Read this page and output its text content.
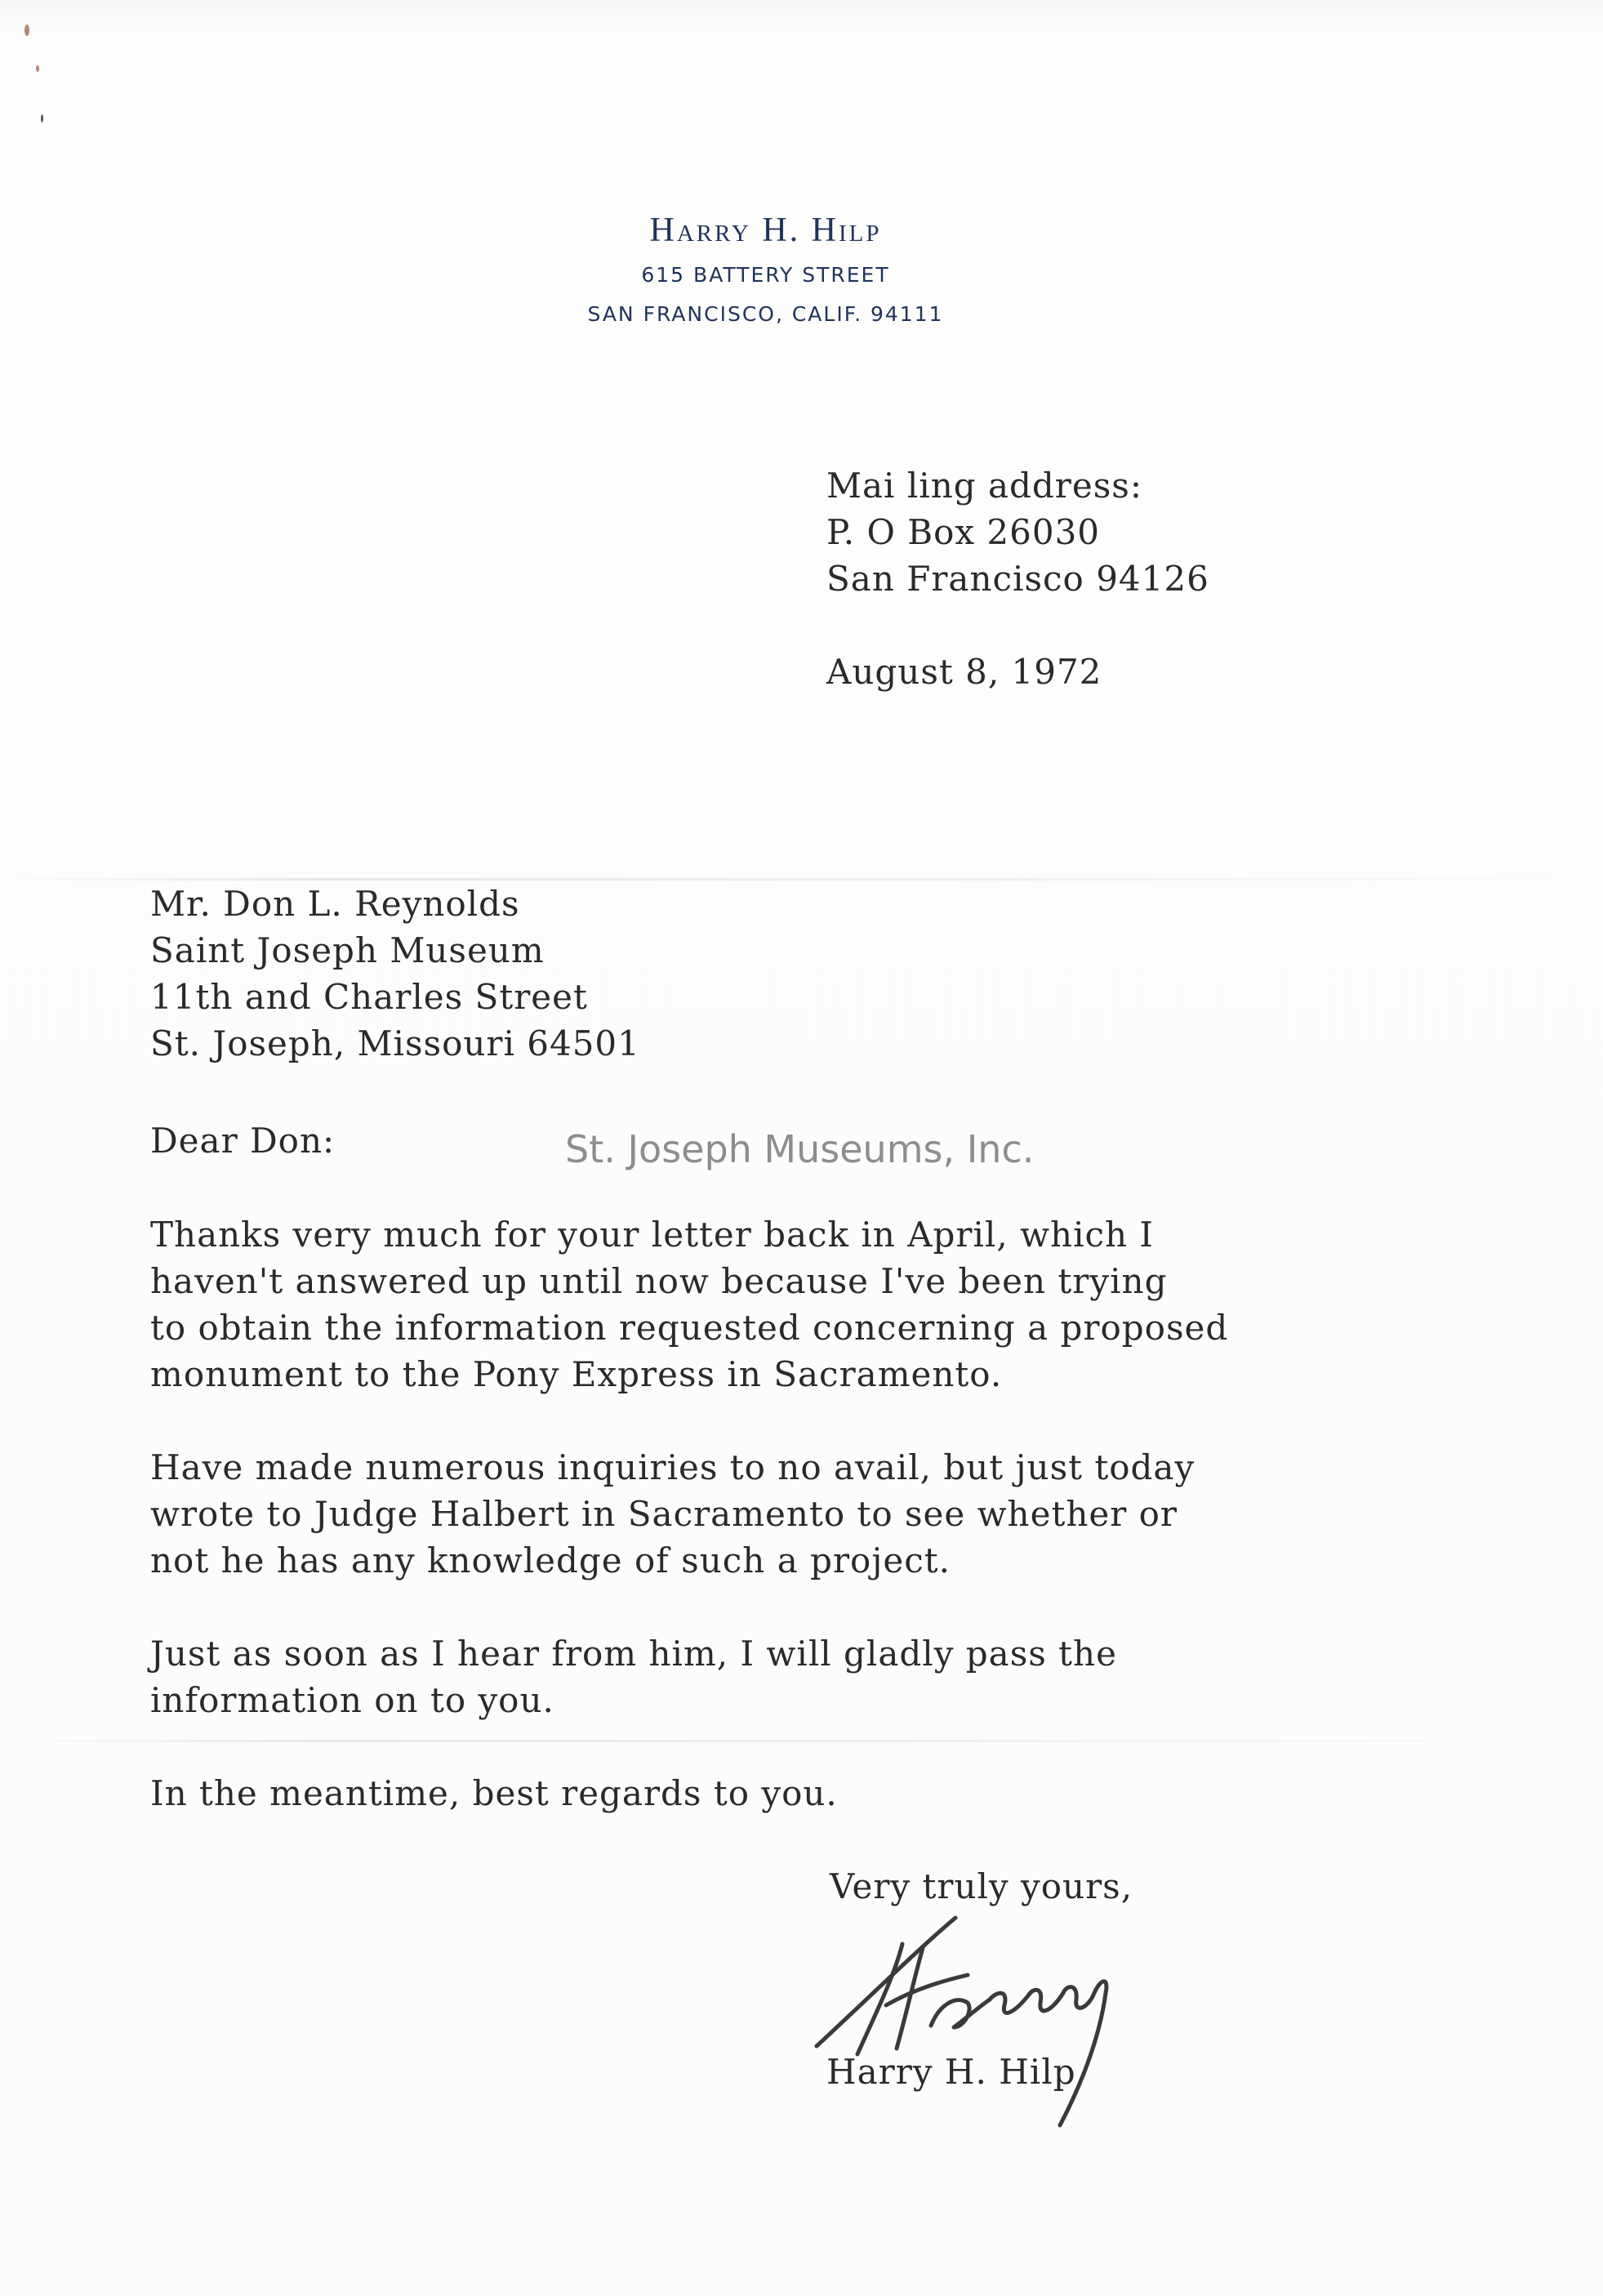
Harry H. Hilp
615 BATTERY STREET
SAN FRANCISCO, CALIF. 94111
Mai ling address:
P. O Box 26030
San Francisco 94126
August 8, 1972
Mr. Don L. Reynolds
Saint Joseph Museum
11th and Charles Street
St. Joseph, Missouri 64501
Dear Don:	St. Joseph Museums, Inc.
Thanks very much for your letter back in April, which I
haven't answered up until now because I've been trying
to obtain the information requested concerning a proposed
monument to the Pony Express in Sacramento.
Have made numerous inquiries to no avail, but just today
wrote to Judge Halbert in Sacramento to see whether or
not he has any knowledge of such a project.
Just as soon as I hear from him, I will gladly pass the
information on to you.
In the meantime, best regards to you.
Very truly yours,
Harry H. Hilp
